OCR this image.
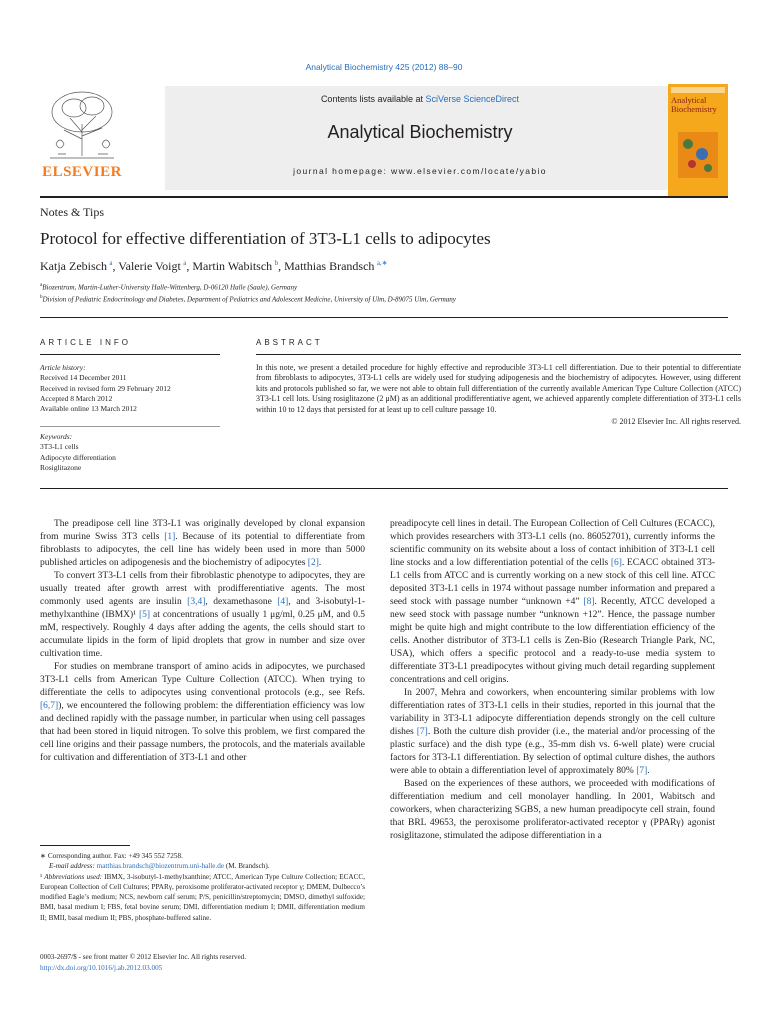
Analytical Biochemistry 425 (2012) 88–90
ELSEVIER
Contents lists available at SciVerse ScienceDirect
Analytical Biochemistry
journal homepage: www.elsevier.com/locate/yabio
Analytical Biochemistry
Notes & Tips
Protocol for effective differentiation of 3T3-L1 cells to adipocytes
Katja Zebisch  $^a$, Valerie Voigt  $^a$, Martin Wabitsch  $^b$, Matthias Brandsch  $^{a,∗}$
$^a$Biozentrum, Martin-Luther-University Halle-Wittenberg, D-06120 Halle (Saale), Germany
$^b$Division of Pediatric Endocrinology and Diabetes, Department of Pediatrics and Adolescent Medicine, University of Ulm, D-89075 Ulm, Germany
ARTICLE INFO	ABSTRACT
Article history:
Received 14 December 2011
Received in revised form 29 February 2012
Accepted 8 March 2012
Available online 13 March 2012
Keywords:
3T3-L1 cells
Adipocyte differentiation
Rosiglitazone
In this note, we present a detailed procedure for highly effective and reproducible 3T3-L1 cell differentiation. Due to their potential to differentiate from fibroblasts to adipocytes, 3T3-L1 cells are widely used for studying adipogenesis and the biochemistry of adipocytes. However, using different kits and protocols published so far, we were not able to obtain full differentiation of the currently available American Type Culture Collection (ATCC) 3T3-L1 cell lots. Using rosiglitazone (2 μM) as an additional prodifferentiative agent, we achieved apparently complete differentiation of 3T3-L1 cells within 10 to 12 days that persisted for at least up to cell culture passage 10.
© 2012 Elsevier Inc. All rights reserved.

The preadipose cell line 3T3-L1 was originally developed by clonal expansion from murine Swiss 3T3 cells [1]. Because of its potential to differentiate from fibroblasts to adipocytes, the cell line has widely been used in more than 5000 published articles on adipogenesis and the biochemistry of adipocytes [2].

To convert 3T3-L1 cells from their fibroblastic phenotype to adipocytes, they are usually treated after growth arrest with prodifferentiative agents. The most commonly used agents are insulin [3,4], dexamethasone [4], and 3-isobutyl-1-methylxanthine (IBMX)¹ [5] at concentrations of usually 1 μg/ml, 0.25 μM, and 0.5 mM, respectively. Roughly 4 days after adding the agents, the cells should start to accumulate lipids in the form of lipid droplets that grow in number and size over cultivation time.

For studies on membrane transport of amino acids in adipocytes, we purchased 3T3-L1 cells from American Type Culture Collection (ATCC). When trying to differentiate the cells to adipocytes using conventional protocols (e.g., see Refs. [6,7]), we encountered the following problem: the differentiation efficiency was low and declined rapidly with the passage number, in particular when using cell passages that had been stored in liquid nitrogen. To solve this problem, we first compared the cell line origins and their passage numbers, the protocols, and the materials available for cultivation and differentiation of 3T3-L1 and other

preadipocyte cell lines in detail. The European Collection of Cell Cultures (ECACC), which provides researchers with 3T3-L1 cells (no. 86052701), currently informs the scientific community on its website about a loss of contact inhibition of 3T3-L1 cell line stocks and a low differentiation potential of the cells [6]. ECACC obtained 3T3-L1 cells from ATCC and is currently working on a new stock of this cell line. ATCC deposited 3T3-L1 cells in 1974 without passage number information and prepared a seed stock with passage number “unknown +4” [8]. Recently, ATCC developed a new seed stock with passage number “unknown +12”. Hence, the passage number might be quite high and might contribute to the low differentiation efficiency of the cells. Another distributor of 3T3-L1 cells is Zen-Bio (Research Triangle Park, NC, USA), which offers a specific protocol and a ready-to-use media system to differentiate 3T3-L1 preadipocytes without giving much detail regarding supplement concentrations and cell origins.

In 2007, Mehra and coworkers, when encountering similar problems with low differentiation rates of 3T3-L1 cells in their studies, reported in this journal that the variability in 3T3-L1 adipocyte differentiation depends strongly on the cell culture dishes [7]. Both the culture dish provider (i.e., the material and/or processing of the plastic surface) and the dish type (e.g., 35-mm dish vs. 6-well plate) were crucial factors for 3T3-L1 differentiation. By selection of optimal culture dishes, the authors were able to obtain a differentiation level of approximately 80% [7].

Based on the experiences of these authors, we proceeded with modifications of differentiation medium and cell monolayer handling. In 2001, Wabitsch and coworkers, when characterizing SGBS, a new human preadipocyte cell strain, found that BRL 49653, the peroxisome proliferator-activated receptor γ (PPARγ) agonist rosiglitazone, stimulated the adipose differentiation in a

∗ Corresponding author. Fax: +49 345 552 7258.

E-mail address: matthias.brandsch@biozentrum.uni-halle.de (M. Brandsch).

¹ Abbreviations used: IBMX, 3-isobutyl-1-methylxanthine; ATCC, American Type Culture Collection; ECACC, European Collection of Cell Cultures; PPARγ, peroxisome proliferator-activated receptor γ; DMEM, Dulbecco’s modified Eagle’s medium; NCS, newborn calf serum; P/S, penicillin/streptomycin; DMSO, dimethyl sulfoxide; BMI, basal medium I; FBS, fetal bovine serum; DMI, differentiation medium I; DMII, differentiation medium II; BMII, basal medium II; PBS, phosphate-buffered saline.

0003-2697/$ - see front matter © 2012 Elsevier Inc. All rights reserved.
http://dx.doi.org/10.1016/j.ab.2012.03.005
